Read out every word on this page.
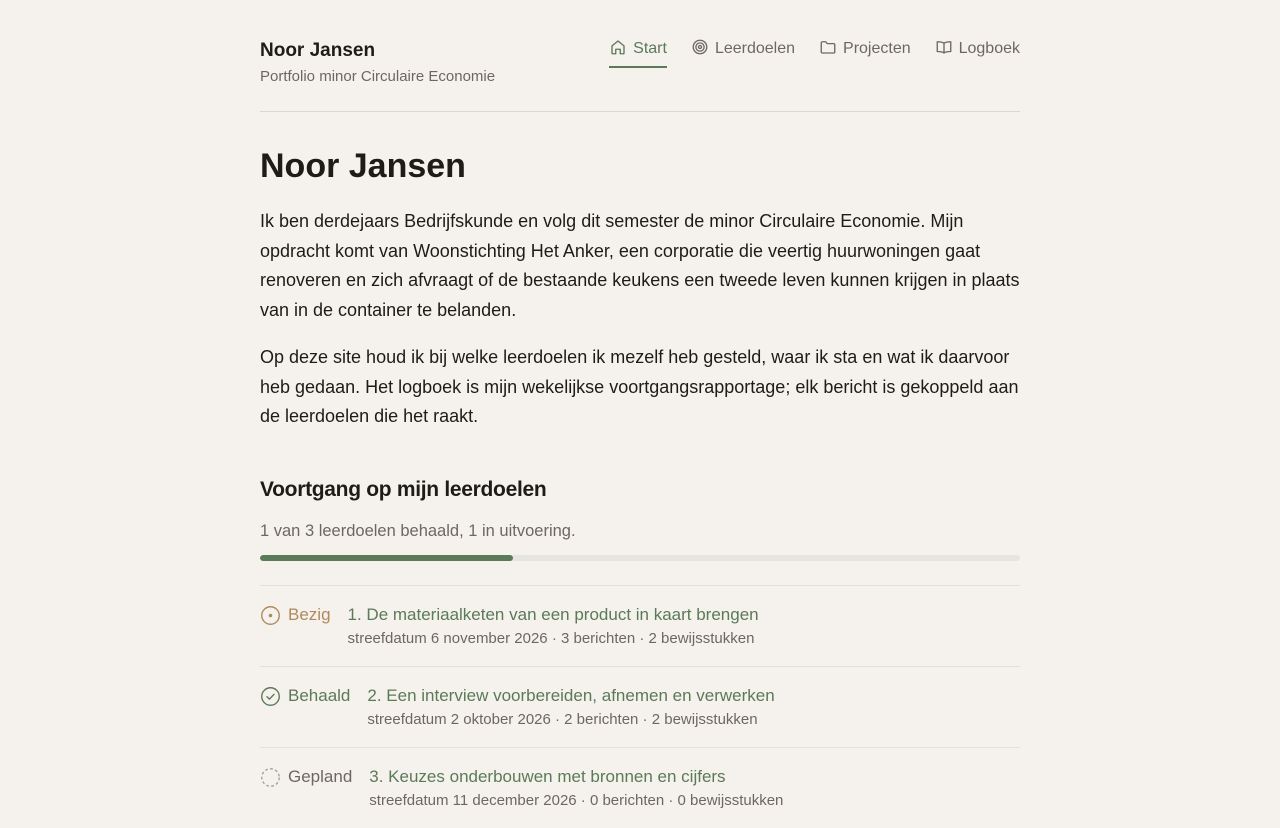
Noor Jansen
Portfolio minor Circulaire Economie
Start	Leerdoelen	Projecten	Logboek
Noor Jansen

Ik ben derdejaars Bedrijfskunde en volg dit semester de minor Circulaire Economie. Mijn opdracht komt van Woonstichting Het Anker, een corporatie die veertig huurwoningen gaat renoveren en zich afvraagt of de bestaande keukens een tweede leven kunnen krijgen in plaats van in de container te belanden.

Op deze site houd ik bij welke leerdoelen ik mezelf heb gesteld, waar ik sta en wat ik daarvoor heb gedaan. Het logboek is mijn wekelijkse voortgangsrapportage; elk bericht is gekoppeld aan de leerdoelen die het raakt.

Voortgang op mijn leerdoelen
1 van 3 leerdoelen behaald, 1 in uitvoering.
Bezig 1. De materiaalketen van een product in kaart brengen
streefdatum 6 november 2026 · 3 berichten · 2 bewijsstukken
Behaald 2. Een interview voorbereiden, afnemen en verwerken
streefdatum 2 oktober 2026 · 2 berichten · 2 bewijsstukken
Gepland 3. Keuzes onderbouwen met bronnen en cijfers
streefdatum 11 december 2026 · 0 berichten · 0 bewijsstukken
